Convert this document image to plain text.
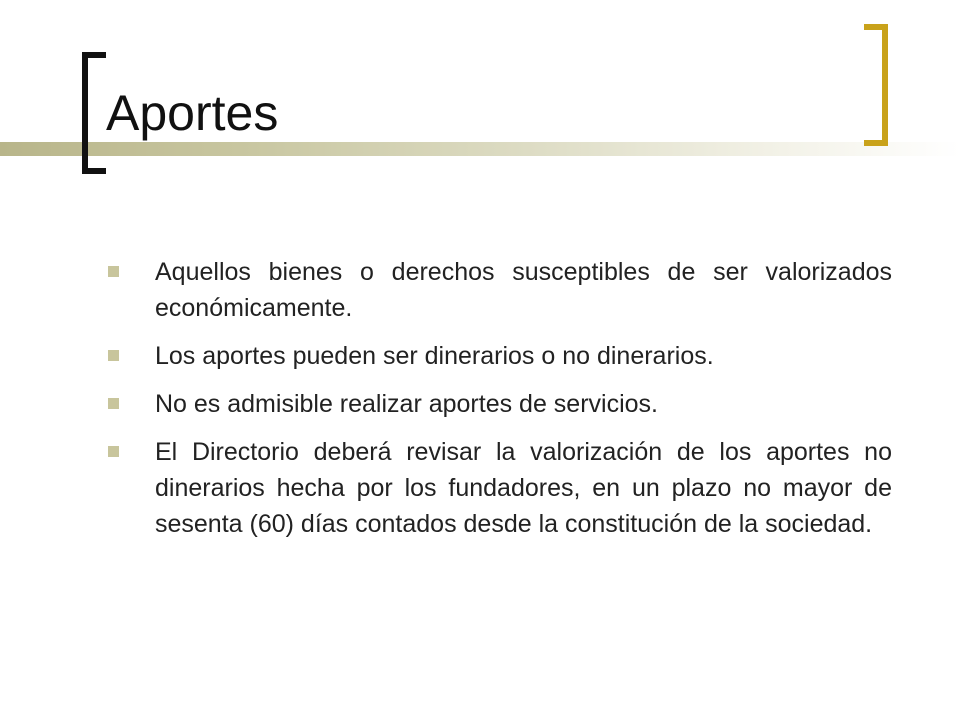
Aportes
Aquellos bienes o derechos susceptibles de ser valorizados económicamente.
Los aportes pueden ser dinerarios o no dinerarios.
No es admisible realizar aportes de servicios.
El Directorio deberá revisar la valorización de los aportes no dinerarios hecha por los fundadores, en un plazo no mayor de sesenta (60) días contados desde la constitución de la sociedad.
